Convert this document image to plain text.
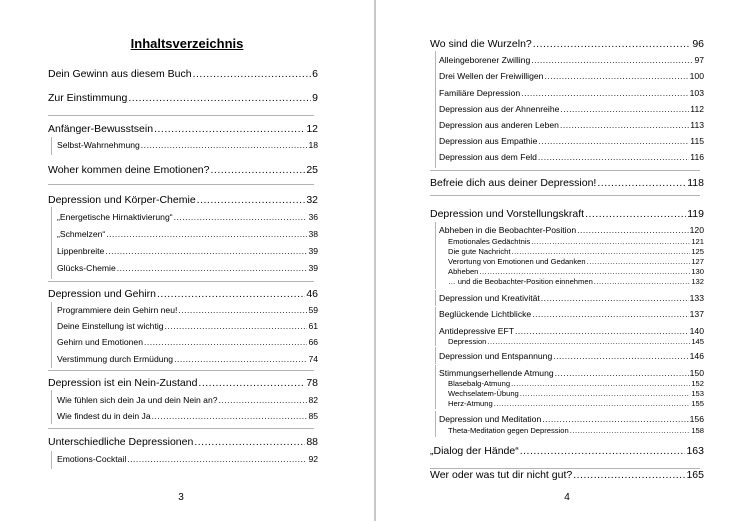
Inhaltsverzeichnis
Dein Gewinn aus diesem Buch .....	6
Zur Einstimmung .....	9
Anfänger-Bewusstsein .....	12
Selbst-Wahrnehmung .....	18
Woher kommen deine Emotionen? .....	25
Depression und Körper-Chemie .....	32
„Energetische Hirnaktivierung“ .....	36
„Schmelzen“ .....	38
Lippenbreite .....	39
Glücks-Chemie .....	39
Depression und Gehirn .....	46
Programmiere dein Gehirn neu! .....	59
Deine Einstellung ist wichtig .....	61
Gehirn und Emotionen .....	66
Verstimmung durch Ermüdung .....	74
Depression ist ein Nein-Zustand .....	78
Wie fühlen sich dein Ja und dein Nein an? .....	82
Wie findest du in dein Ja .....	85
Unterschiedliche Depressionen .....	88
Emotions-Cocktail .....	92
3
Wo sind die Wurzeln? .....	96
Alleingeborener Zwilling .....	97
Drei Wellen der Freiwilligen .....	100
Familiäre Depression .....	103
Depression aus der Ahnenreihe .....	112
Depression aus anderen Leben .....	113
Depression aus Empathie .....	115
Depression aus dem Feld .....	116
Befreie dich aus deiner Depression! .....	118
Depression und Vorstellungskraft .....	119
Abheben in die Beobachter-Position .....	120
Emotionales Gedächtnis .....	121
Die gute Nachricht .....	125
Verortung von Emotionen und Gedanken .....	127
Abheben .....	130
… und die Beobachter-Position einnehmen .....	132
Depression und Kreativität .....	133
Beglückende Lichtblicke .....	137
Antidepressive EFT .....	140
Depression .....	145
Depression und Entspannung .....	146
Stimmungserhellende Atmung .....	150
Blasebalg-Atmung .....	152
Wechselatem-Übung .....	153
Herz-Atmung .....	155
Depression und Meditation .....	156
Theta-Meditation gegen Depression .....	158
„Dialog der Hände“ .....	163
Wer oder was tut dir nicht gut? .....	165
4
